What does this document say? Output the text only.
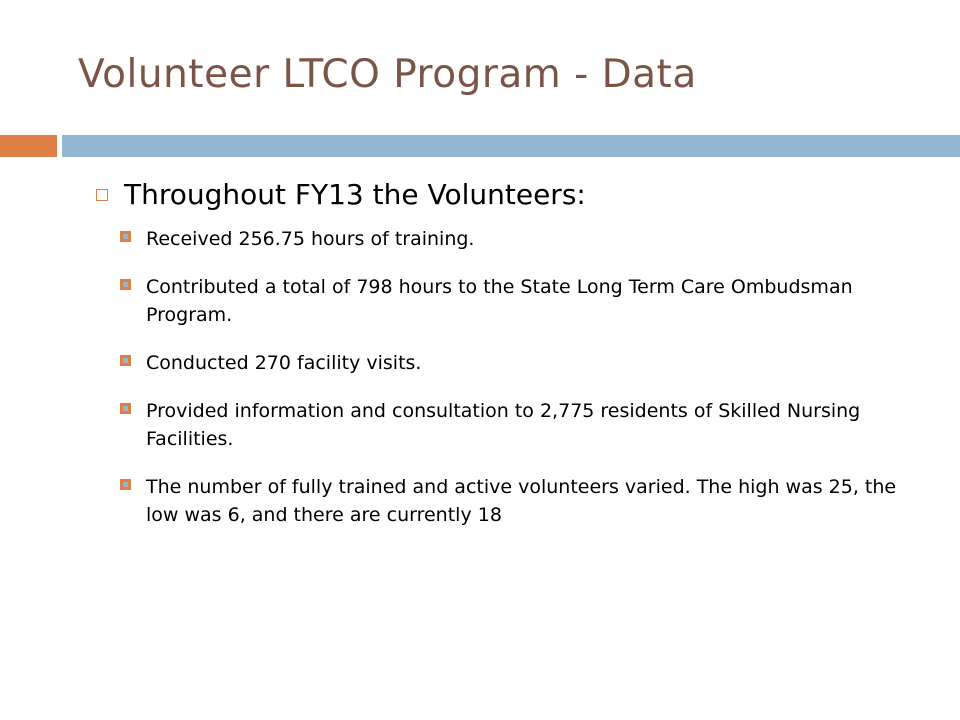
Volunteer LTCO Program - Data
Throughout FY13 the Volunteers:
Received 256.75 hours of training.
Contributed a total of 798 hours to the State Long Term Care Ombudsman Program.
Conducted 270 facility visits.
Provided information and consultation to 2,775 residents of Skilled Nursing Facilities.
The number of fully trained and active volunteers varied. The high was 25, the low was 6, and there are currently 18
